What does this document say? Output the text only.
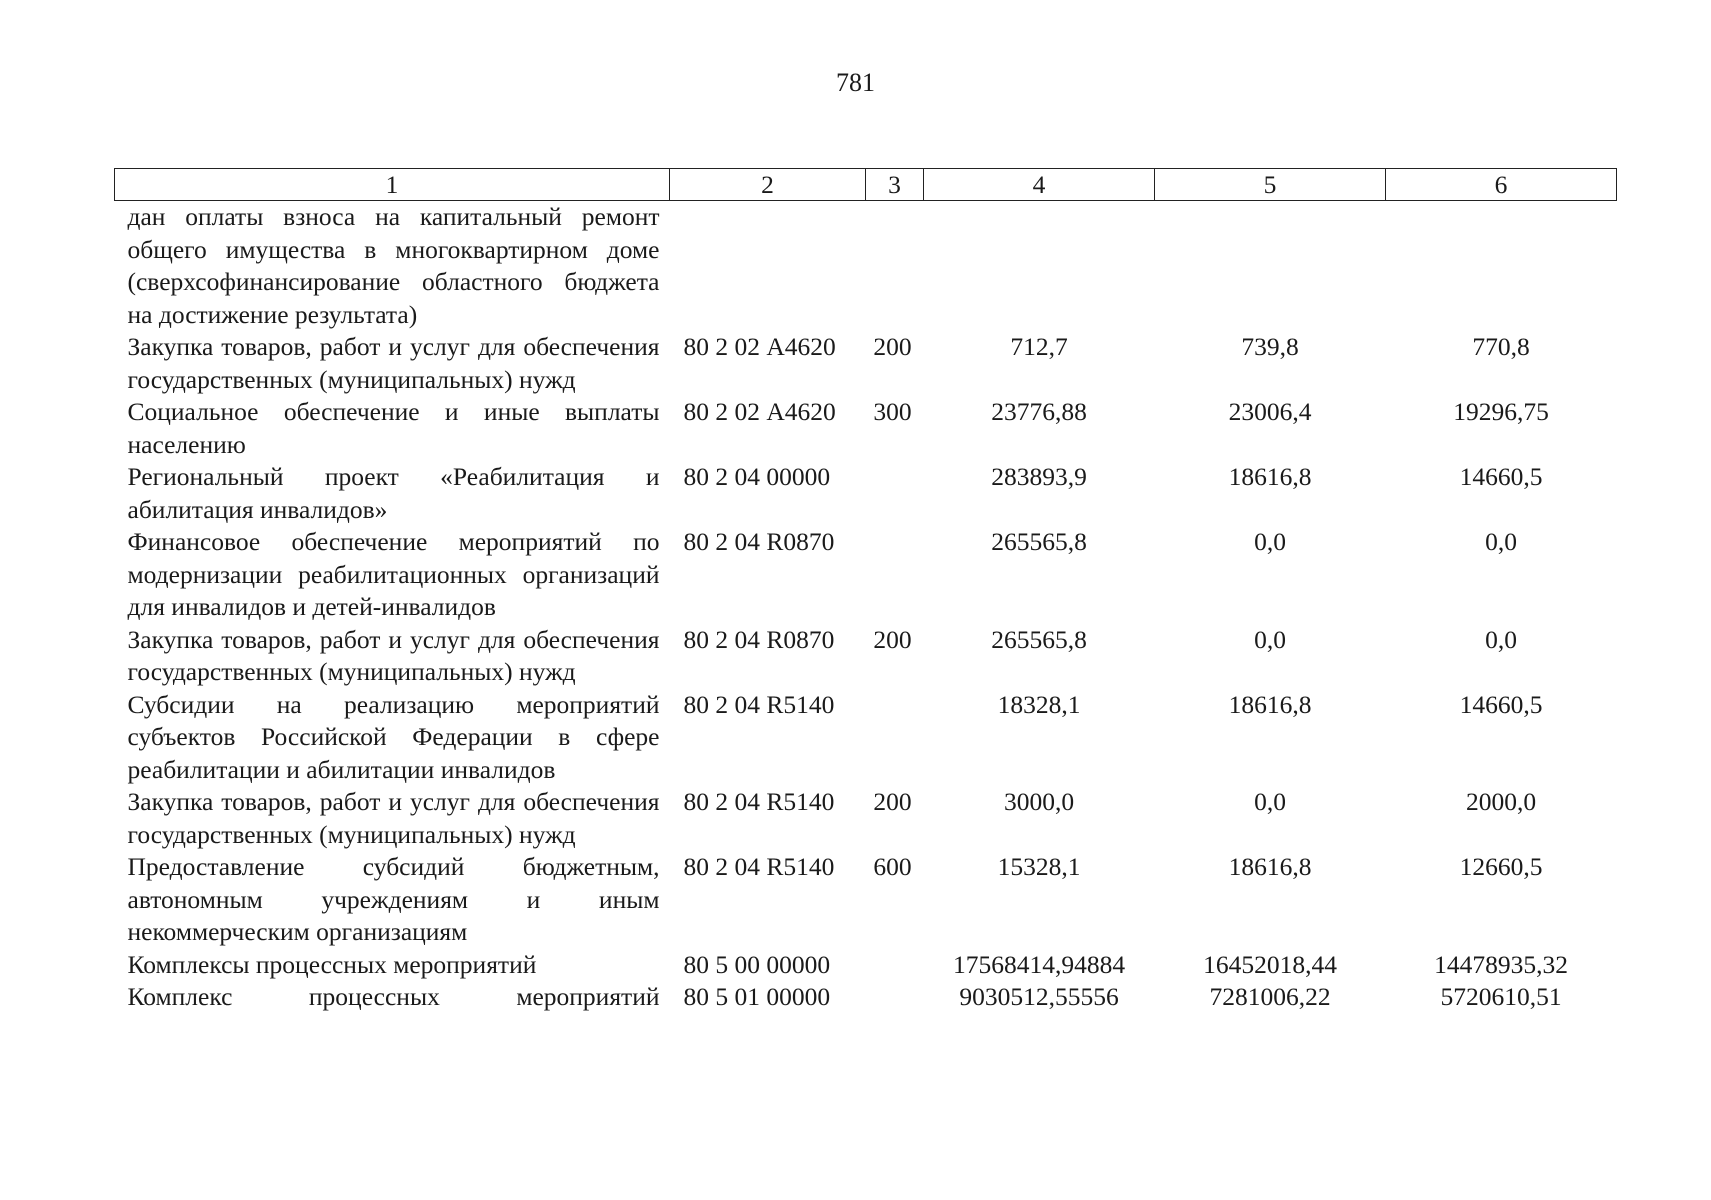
781
1	2	3	4	5	6
дан оплаты взноса на капитальный ремонт общего имущества в многоквартирном доме (сверхсофинансирование областного бюджета на достижение результата)					
Закупка товаров, работ и услуг для обеспечения государственных (муниципальных) нужд	80 2 02 А4620	200	712,7	739,8	770,8
Социальное обеспечение и иные выплаты населению	80 2 02 А4620	300	23776,88	23006,4	19296,75
Региональный проект «Реабилитация и абилитация инвалидов»	80 2 04 00000		283893,9	18616,8	14660,5
Финансовое обеспечение мероприятий по модернизации реабилитационных организаций для инвалидов и детей-инвалидов	80 2 04 R0870		265565,8	0,0	0,0
Закупка товаров, работ и услуг для обеспечения государственных (муниципальных) нужд	80 2 04 R0870	200	265565,8	0,0	0,0
Субсидии на реализацию мероприятий субъектов Российской Федерации в сфере реабилитации и абилитации инвалидов	80 2 04 R5140		18328,1	18616,8	14660,5
Закупка товаров, работ и услуг для обеспечения государственных (муниципальных) нужд	80 2 04 R5140	200	3000,0	0,0	2000,0
Предоставление субсидий бюджетным, автономным учреждениям и иным некоммерческим организациям	80 2 04 R5140	600	15328,1	18616,8	12660,5
Комплексы процессных мероприятий	80 5 00 00000		17568414,94884	16452018,44	14478935,32
Комплекс процессных мероприятий	80 5 01 00000		9030512,55556	7281006,22	5720610,51
